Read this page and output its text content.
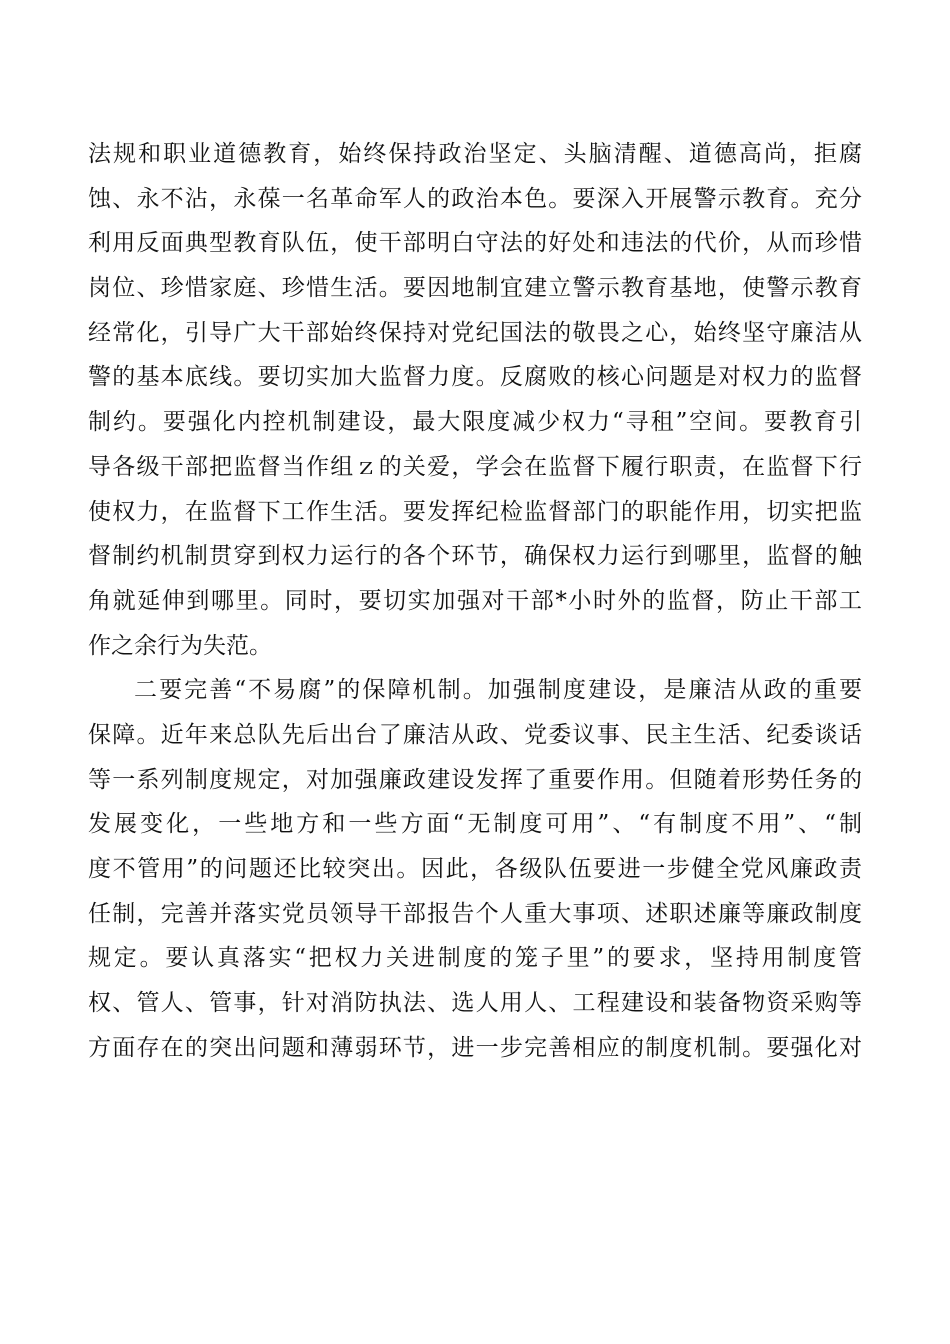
法规和职业道德教育，始终保持政治坚定、头脑清醒、道德高尚，拒腐
蚀、永不沾，永葆一名革命军人的政治本色。要深入开展警示教育。充分
利用反面典型教育队伍，使干部明白守法的好处和违法的代价，从而珍惜
岗位、珍惜家庭、珍惜生活。要因地制宜建立警示教育基地，使警示教育
经常化，引导广大干部始终保持对党纪国法的敬畏之心，始终坚守廉洁从
警的基本底线。要切实加大监督力度。反腐败的核心问题是对权力的监督
制约。要强化内控机制建设，最大限度减少权力“寻租”空间。要教育引
导各级干部把监督当作组ｚ的关爱，学会在监督下履行职责，在监督下行
使权力，在监督下工作生活。要发挥纪检监督部门的职能作用，切实把监
督制约机制贯穿到权力运行的各个环节，确保权力运行到哪里，监督的触
角就延伸到哪里。同时，要切实加强对干部*小时外的监督，防止干部工
作之余行为失范。
二要完善“不易腐”的保障机制。加强制度建设，是廉洁从政的重要
保障。近年来总队先后出台了廉洁从政、党委议事、民主生活、纪委谈话
等一系列制度规定，对加强廉政建设发挥了重要作用。但随着形势任务的
发展变化，一些地方和一些方面“无制度可用”、“有制度不用”、“制
度不管用”的问题还比较突出。因此，各级队伍要进一步健全党风廉政责
任制，完善并落实党员领导干部报告个人重大事项、述职述廉等廉政制度
规定。要认真落实“把权力关进制度的笼子里”的要求，坚持用制度管
权、管人、管事，针对消防执法、选人用人、工程建设和装备物资采购等
方面存在的突出问题和薄弱环节，进一步完善相应的制度机制。要强化对
